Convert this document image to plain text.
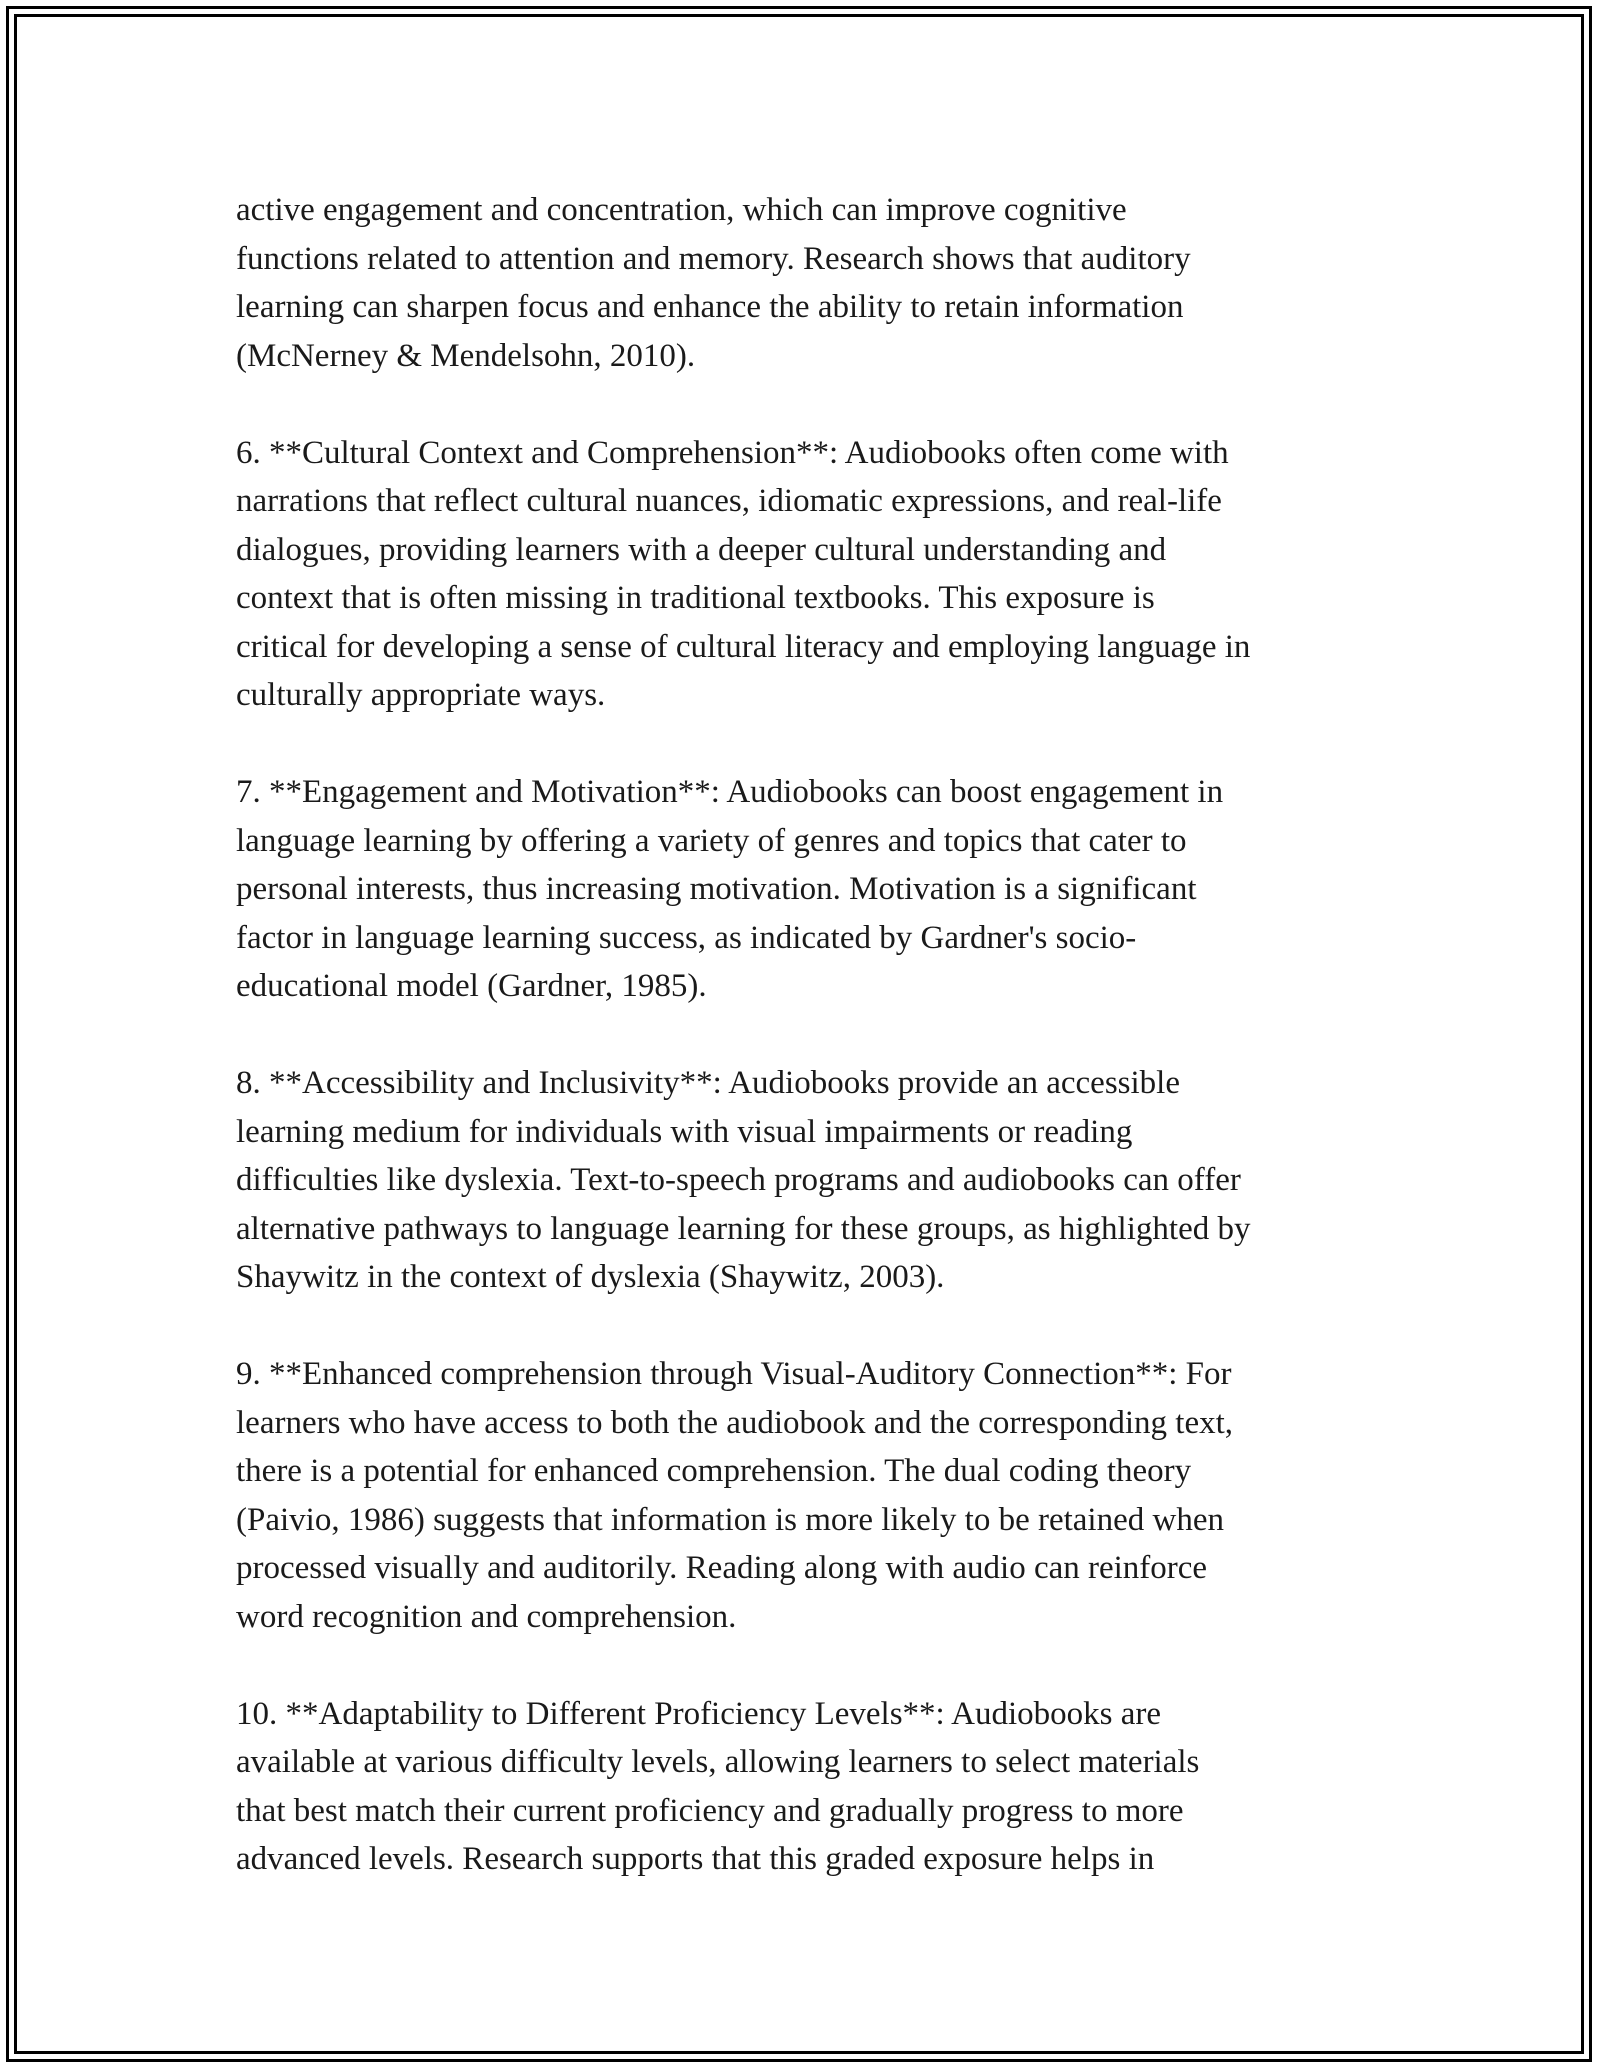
active engagement and concentration, which can improve cognitive
functions related to attention and memory. Research shows that auditory
learning can sharpen focus and enhance the ability to retain information
(McNerney & Mendelsohn, 2010).

6. **Cultural Context and Comprehension**: Audiobooks often come with
narrations that reflect cultural nuances, idiomatic expressions, and real-life
dialogues, providing learners with a deeper cultural understanding and
context that is often missing in traditional textbooks. This exposure is
critical for developing a sense of cultural literacy and employing language in
culturally appropriate ways.

7. **Engagement and Motivation**: Audiobooks can boost engagement in
language learning by offering a variety of genres and topics that cater to
personal interests, thus increasing motivation. Motivation is a significant
factor in language learning success, as indicated by Gardner's socio-
educational model (Gardner, 1985).

8. **Accessibility and Inclusivity**: Audiobooks provide an accessible
learning medium for individuals with visual impairments or reading
difficulties like dyslexia. Text-to-speech programs and audiobooks can offer
alternative pathways to language learning for these groups, as highlighted by
Shaywitz in the context of dyslexia (Shaywitz, 2003).

9. **Enhanced comprehension through Visual-Auditory Connection**: For
learners who have access to both the audiobook and the corresponding text,
there is a potential for enhanced comprehension. The dual coding theory
(Paivio, 1986) suggests that information is more likely to be retained when
processed visually and auditorily. Reading along with audio can reinforce
word recognition and comprehension.

10. **Adaptability to Different Proficiency Levels**: Audiobooks are
available at various difficulty levels, allowing learners to select materials
that best match their current proficiency and gradually progress to more
advanced levels. Research supports that this graded exposure helps in
